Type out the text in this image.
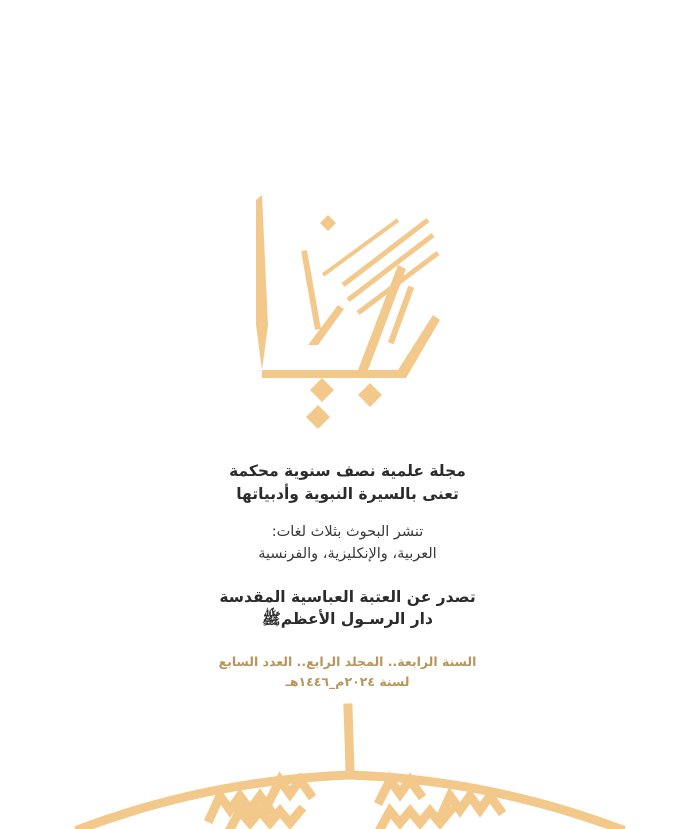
مجلة علمية نصف سنوية محكمة
تعنى بالسيرة النبوية وأدبياتها
تنشر البحوث بثلاث لغات:
العربية، والإنكليزية، والفرنسية
تصدر عن العتبة العباسية المقدسة
دار الرسـول الأعظمﷺ
السنة الرابعة.. المجلد الرابع.. العدد السابع
لسنة ٢٠٢٤م_١٤٤٦هـ
